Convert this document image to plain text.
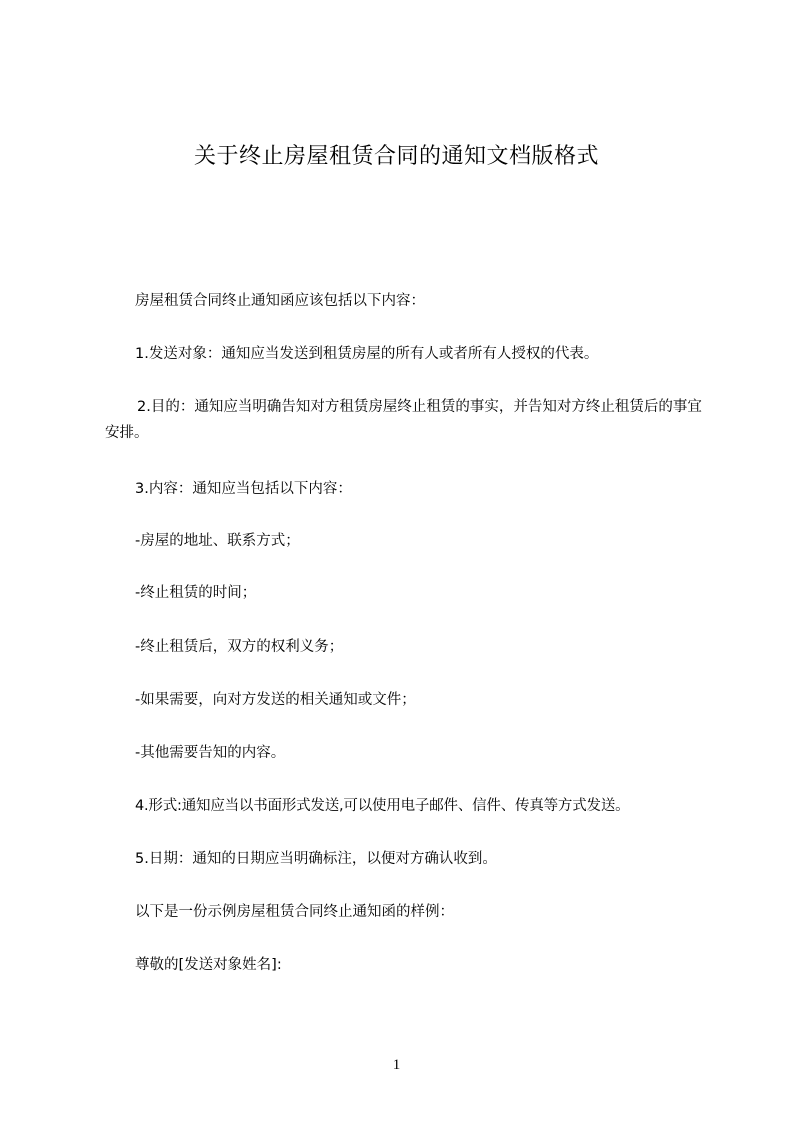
关于终止房屋租赁合同的通知文档版格式
房屋租赁合同终止通知函应该包括以下内容：
1.发送对象：通知应当发送到租赁房屋的所有人或者所有人授权的代表。
2.目的：通知应当明确告知对方租赁房屋终止租赁的事实，并告知对方终止租赁后的事宜安排。
3.内容：通知应当包括以下内容：
-房屋的地址、联系方式；
-终止租赁的时间；
-终止租赁后，双方的权利义务；
-如果需要，向对方发送的相关通知或文件；
-其他需要告知的内容。
4.形式:通知应当以书面形式发送,可以使用电子邮件、信件、传真等方式发送。
5.日期：通知的日期应当明确标注，以便对方确认收到。
以下是一份示例房屋租赁合同终止通知函的样例：
尊敬的[发送对象姓名]:
1
